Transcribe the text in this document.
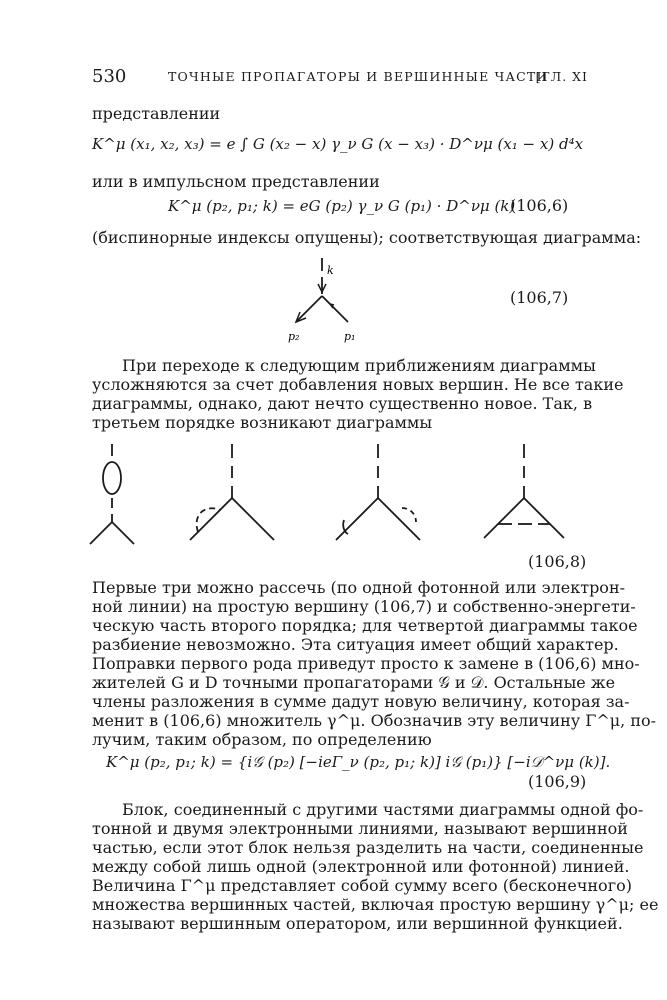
530	ТОЧНЫЕ ПРОПАГАТОРЫ И ВЕРШИННЫЕ ЧАСТИ
[ГЛ. XI
представлении
K^μ (x₁, x₂, x₃) = e ∫ G (x₂ − x) γ_ν G (x − x₃) · D^νμ (x₁ − x) d⁴x
или в импульсном представлении
K^μ (p₂, p₁; k) = eG (p₂) γ_ν G (p₁) · D^νμ (k)
(106,6)
(биспинорные индексы опущены); соответствующая диаграмма:
k
p₂	p₁
(106,7)
При переходе к следующим приближениям диаграммы
усложняются за счет добавления новых вершин. Не все такие
диаграммы, однако, дают нечто существенно новое. Так, в
третьем порядке возникают диаграммы
(106,8)
Первые три можно рассечь (по одной фотонной или электрон-
ной линии) на простую вершину (106,7) и собственно-энергети-
ческую часть второго порядка; для четвертой диаграммы такое
разбиение невозможно. Эта ситуация имеет общий характер.
Поправки первого рода приведут просто к замене в (106,6) мно-
жителей G и D точными пропагаторами 𝒢 и 𝒟. Остальные же
члены разложения в сумме дадут новую величину, которая за-
менит в (106,6) множитель γ^μ. Обозначив эту величину Γ^μ, по-
лучим, таким образом, по определению
K^μ (p₂, p₁; k) = {i𝒢 (p₂) [−ieΓ_ν (p₂, p₁; k)] i𝒢 (p₁)} [−i𝒟^νμ (k)].
(106,9)
Блок, соединенный с другими частями диаграммы одной фо-
тонной и двумя электронными линиями, называют вершинной
частью, если этот блок нельзя разделить на части, соединенные
между собой лишь одной (электронной или фотонной) линией.
Величина Γ^μ представляет собой сумму всего (бесконечного)
множества вершинных частей, включая простую вершину γ^μ; ее
называют вершинным оператором, или вершинной функцией.
